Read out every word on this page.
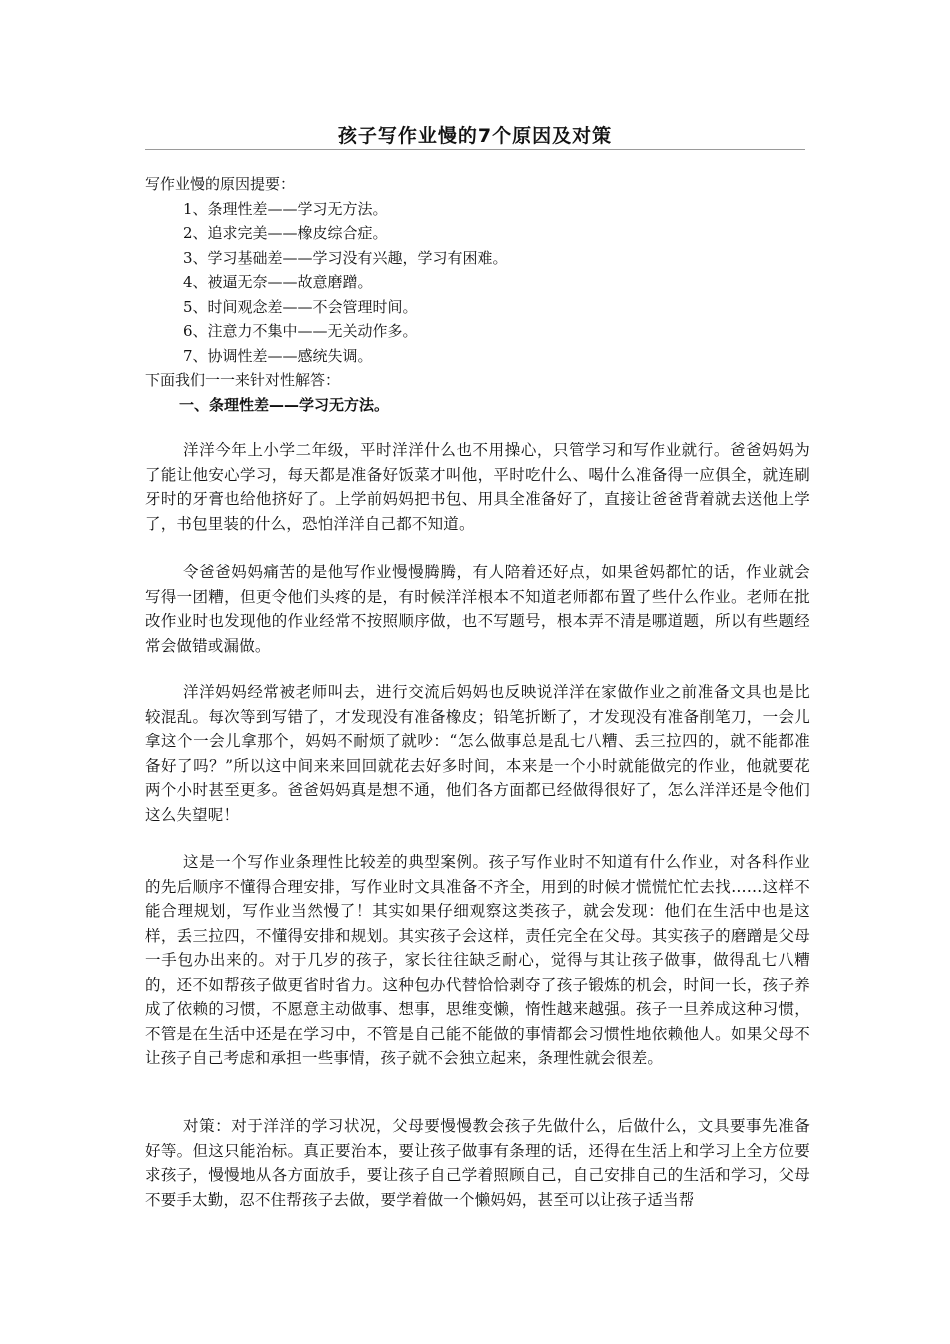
孩子写作业慢的7个原因及对策
写作业慢的原因提要：
1、条理性差——学习无方法。
2、追求完美——橡皮综合症。
3、学习基础差——学习没有兴趣，学习有困难。
4、被逼无奈——故意磨蹭。
5、时间观念差——不会管理时间。
6、注意力不集中——无关动作多。
7、协调性差——感统失调。
下面我们一一来针对性解答：
一、条理性差——学习无方法。

洋洋今年上小学二年级，平时洋洋什么也不用操心，只管学习和写作业就行。爸爸妈妈为了能让他安心学习，每天都是准备好饭菜才叫他，平时吃什么、喝什么准备得一应俱全，就连刷牙时的牙膏也给他挤好了。上学前妈妈把书包、用具全准备好了，直接让爸爸背着就去送他上学了，书包里装的什么，恐怕洋洋自己都不知道。

令爸爸妈妈痛苦的是他写作业慢慢腾腾，有人陪着还好点，如果爸妈都忙的话，作业就会写得一团糟，但更令他们头疼的是，有时候洋洋根本不知道老师都布置了些什么作业。老师在批改作业时也发现他的作业经常不按照顺序做，也不写题号，根本弄不清是哪道题，所以有些题经常会做错或漏做。

洋洋妈妈经常被老师叫去，进行交流后妈妈也反映说洋洋在家做作业之前准备文具也是比较混乱。每次等到写错了，才发现没有准备橡皮；铅笔折断了，才发现没有准备削笔刀，一会儿拿这个一会儿拿那个，妈妈不耐烦了就吵：“怎么做事总是乱七八糟、丢三拉四的，就不能都准备好了吗？”所以这中间来来回回就花去好多时间，本来是一个小时就能做完的作业，他就要花两个小时甚至更多。爸爸妈妈真是想不通，他们各方面都已经做得很好了，怎么洋洋还是令他们这么失望呢！

这是一个写作业条理性比较差的典型案例。孩子写作业时不知道有什么作业，对各科作业的先后顺序不懂得合理安排，写作业时文具准备不齐全，用到的时候才慌慌忙忙去找……这样不能合理规划，写作业当然慢了！其实如果仔细观察这类孩子，就会发现：他们在生活中也是这样，丢三拉四，不懂得安排和规划。其实孩子会这样，责任完全在父母。其实孩子的磨蹭是父母一手包办出来的。对于几岁的孩子，家长往往缺乏耐心，觉得与其让孩子做事，做得乱七八糟的，还不如帮孩子做更省时省力。这种包办代替恰恰剥夺了孩子锻炼的机会，时间一长，孩子养成了依赖的习惯，不愿意主动做事、想事，思维变懒，惰性越来越强。孩子一旦养成这种习惯，不管是在生活中还是在学习中，不管是自己能不能做的事情都会习惯性地依赖他人。如果父母不让孩子自己考虑和承担一些事情，孩子就不会独立起来，条理性就会很差。

对策：对于洋洋的学习状况，父母要慢慢教会孩子先做什么，后做什么，文具要事先准备好等。但这只能治标。真正要治本，要让孩子做事有条理的话，还得在生活上和学习上全方位要求孩子，慢慢地从各方面放手，要让孩子自己学着照顾自己，自己安排自己的生活和学习，父母不要手太勤，忍不住帮孩子去做，要学着做一个懒妈妈，甚至可以让孩子适当帮
